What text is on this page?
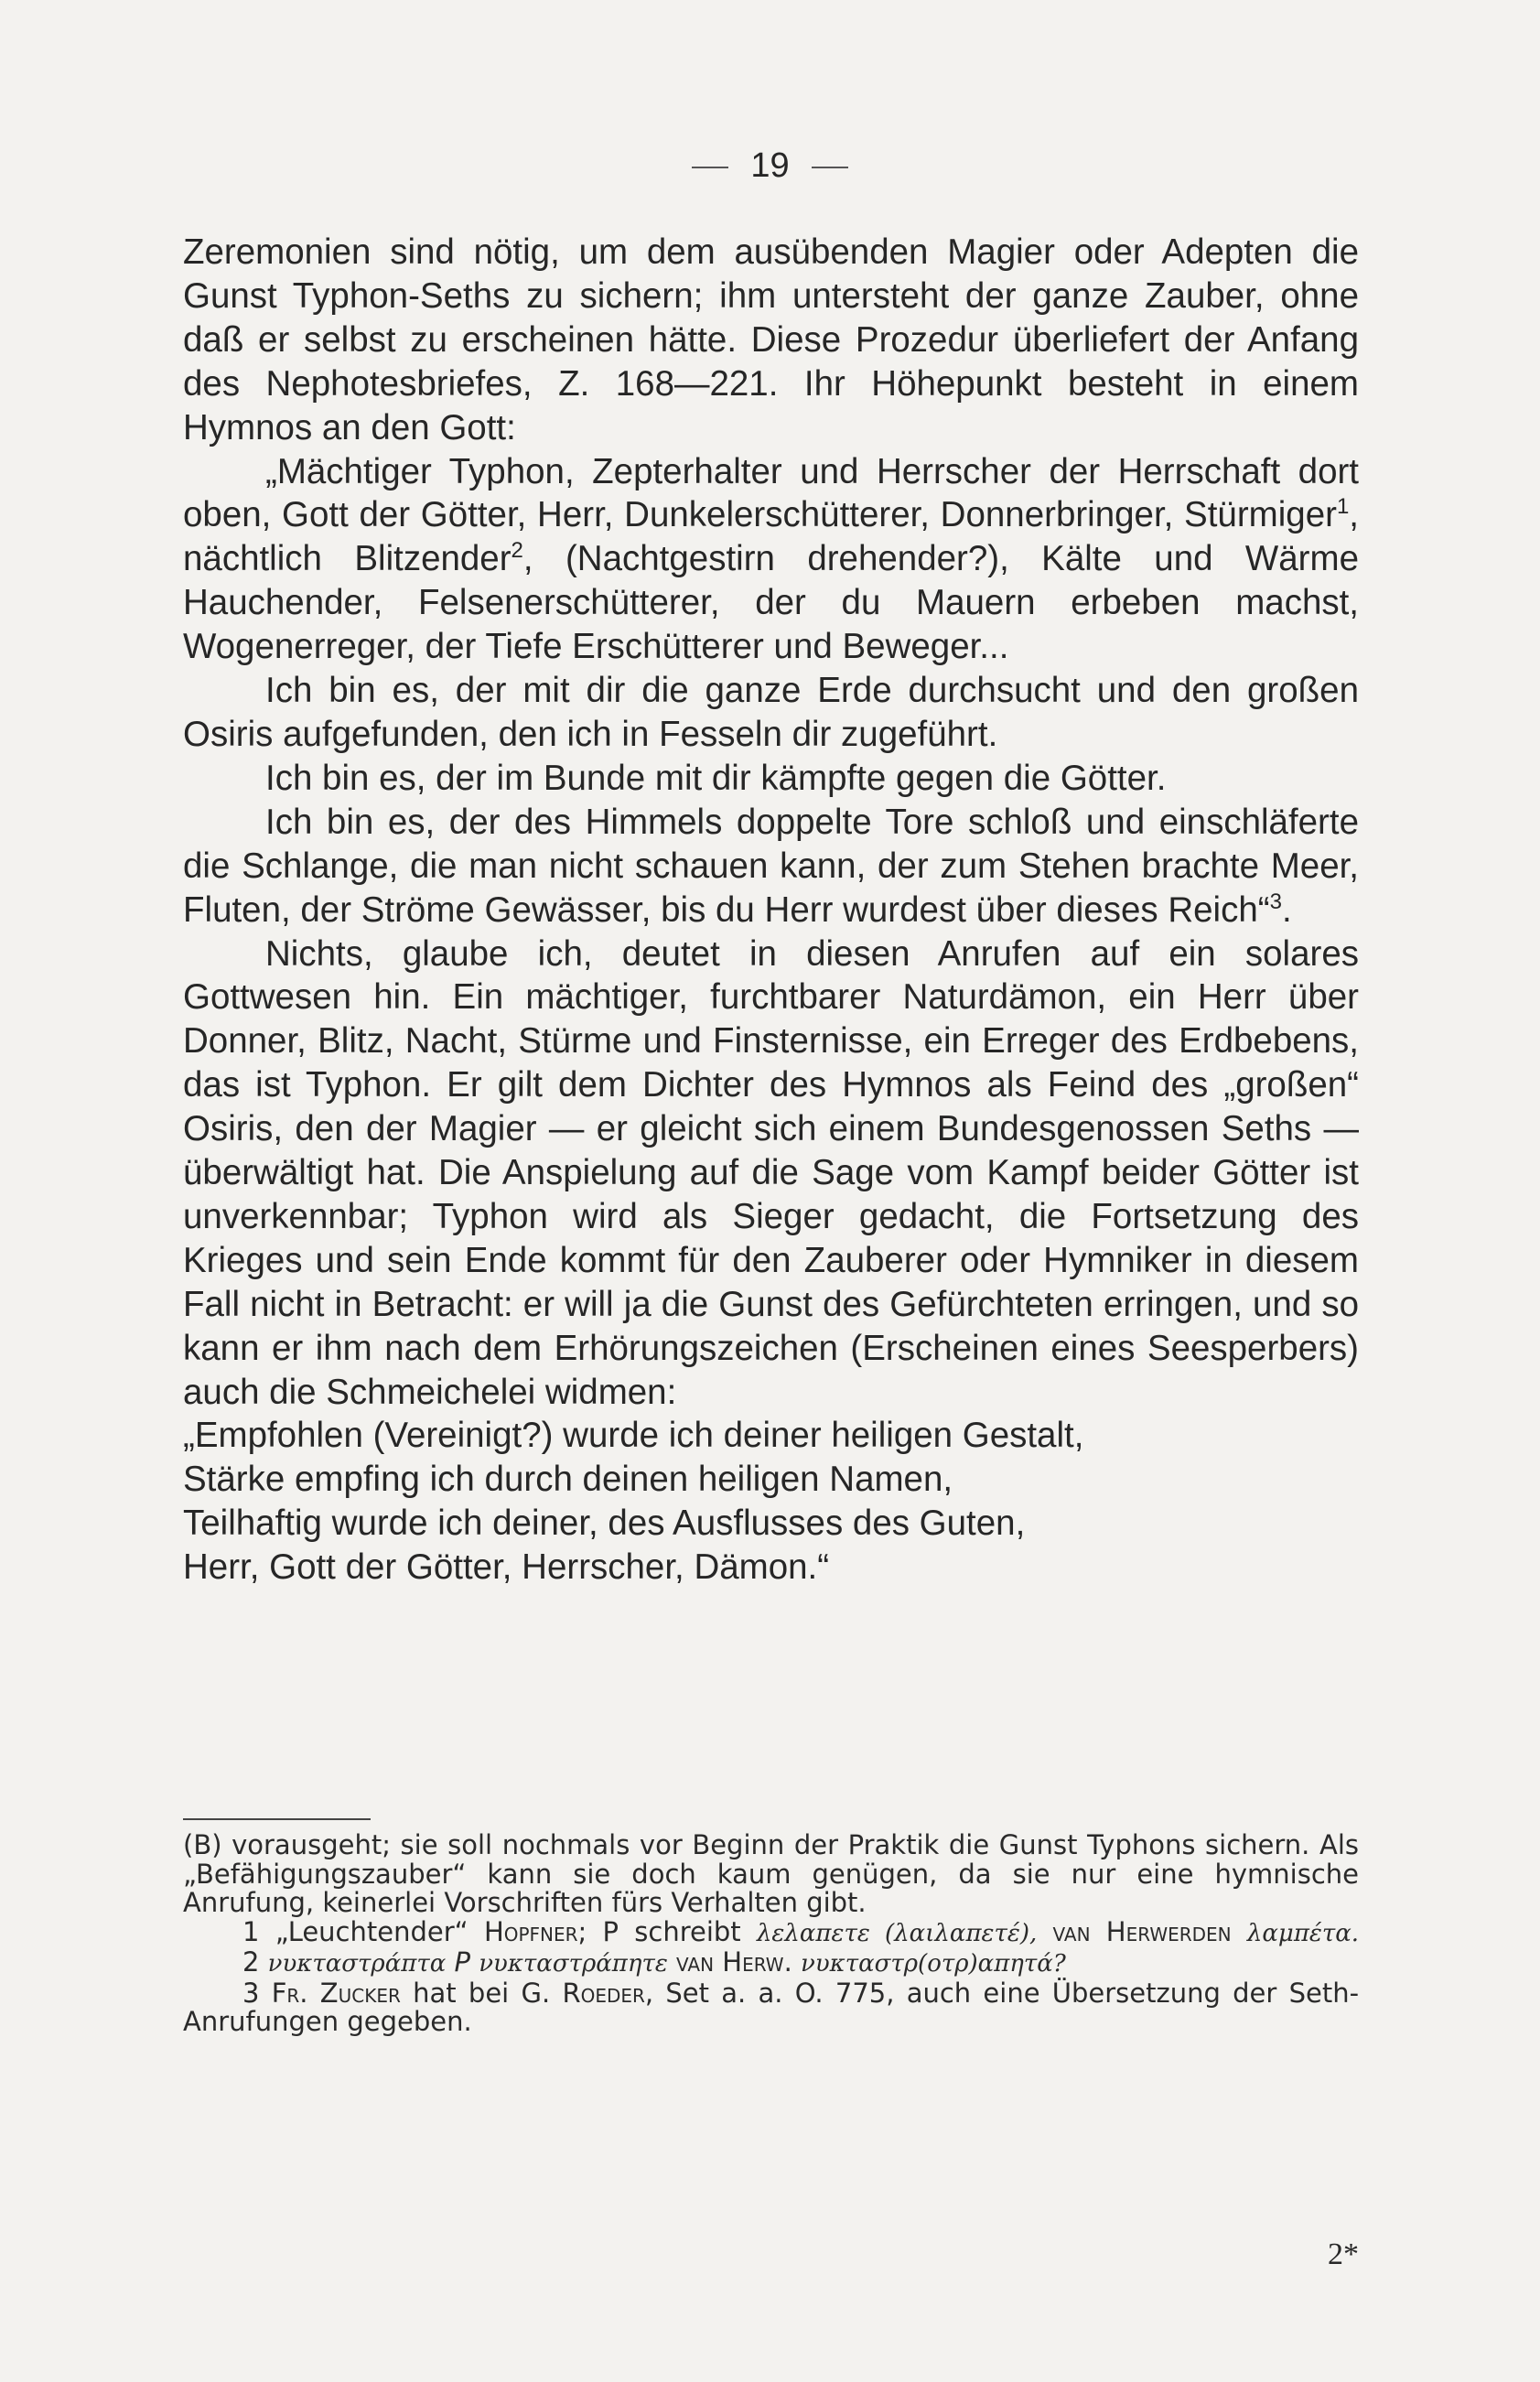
19

Zeremonien sind nötig, um dem ausübenden Magier oder Adepten die Gunst Typhon-Seths zu sichern; ihm untersteht der ganze Zauber, ohne daß er selbst zu erscheinen hätte. Diese Prozedur überliefert der Anfang des Nephotesbriefes, Z. 168—221. Ihr Höhepunkt besteht in einem Hymnos an den Gott:

„Mächtiger Typhon, Zepterhalter und Herrscher der Herrschaft dort oben, Gott der Götter, Herr, Dunkelerschütterer, Donnerbringer, Stürmiger$^1$, nächtlich Blitzender$^2$, (Nachtgestirn drehender?), Kälte und Wärme Hauchender, Felsenerschütterer, der du Mauern erbeben machst, Wogenerreger, der Tiefe Erschütterer und Beweger...

Ich bin es, der mit dir die ganze Erde durchsucht und den großen Osiris aufgefunden, den ich in Fesseln dir zugeführt.

Ich bin es, der im Bunde mit dir kämpfte gegen die Götter.

Ich bin es, der des Himmels doppelte Tore schloß und einschläferte die Schlange, die man nicht schauen kann, der zum Stehen brachte Meer, Fluten, der Ströme Gewässer, bis du Herr wurdest über dieses Reich“$^3$.

Nichts, glaube ich, deutet in diesen Anrufen auf ein solares Gottwesen hin. Ein mächtiger, furchtbarer Naturdämon, ein Herr über Donner, Blitz, Nacht, Stürme und Finsternisse, ein Erreger des Erdbebens, das ist Typhon. Er gilt dem Dichter des Hymnos als Feind des „großen“ Osiris, den der Magier — er gleicht sich einem Bundesgenossen Seths — überwältigt hat. Die Anspielung auf die Sage vom Kampf beider Götter ist unverkennbar; Typhon wird als Sieger gedacht, die Fortsetzung des Krieges und sein Ende kommt für den Zauberer oder Hymniker in diesem Fall nicht in Betracht: er will ja die Gunst des Gefürchteten erringen, und so kann er ihm nach dem Erhörungszeichen (Erscheinen eines Seesperbers) auch die Schmeichelei widmen:

„Empfohlen (Vereinigt?) wurde ich deiner heiligen Gestalt,
Stärke empfing ich durch deinen heiligen Namen,
Teilhaftig wurde ich deiner, des Ausflusses des Guten,
Herr, Gott der Götter, Herrscher, Dämon.“

(B) vorausgeht; sie soll nochmals vor Beginn der Praktik die Gunst Typhons sichern. Als „Befähigungszauber“ kann sie doch kaum genügen, da sie nur eine hymnische Anrufung, keinerlei Vorschriften fürs Verhalten gibt.

1 „Leuchtender“ Hopfner; P schreibt λελαπετε (λαιλαπετέ), van Herwerden λαμπέτα.

2 νυκταστράπτα P νυκταστράπητε van Herw. νυκταστρ(οτρ)απητά?

3 Fr. Zucker hat bei G. Roeder, Set a. a. O. 775, auch eine Übersetzung der Seth-Anrufungen gegeben.

2*
